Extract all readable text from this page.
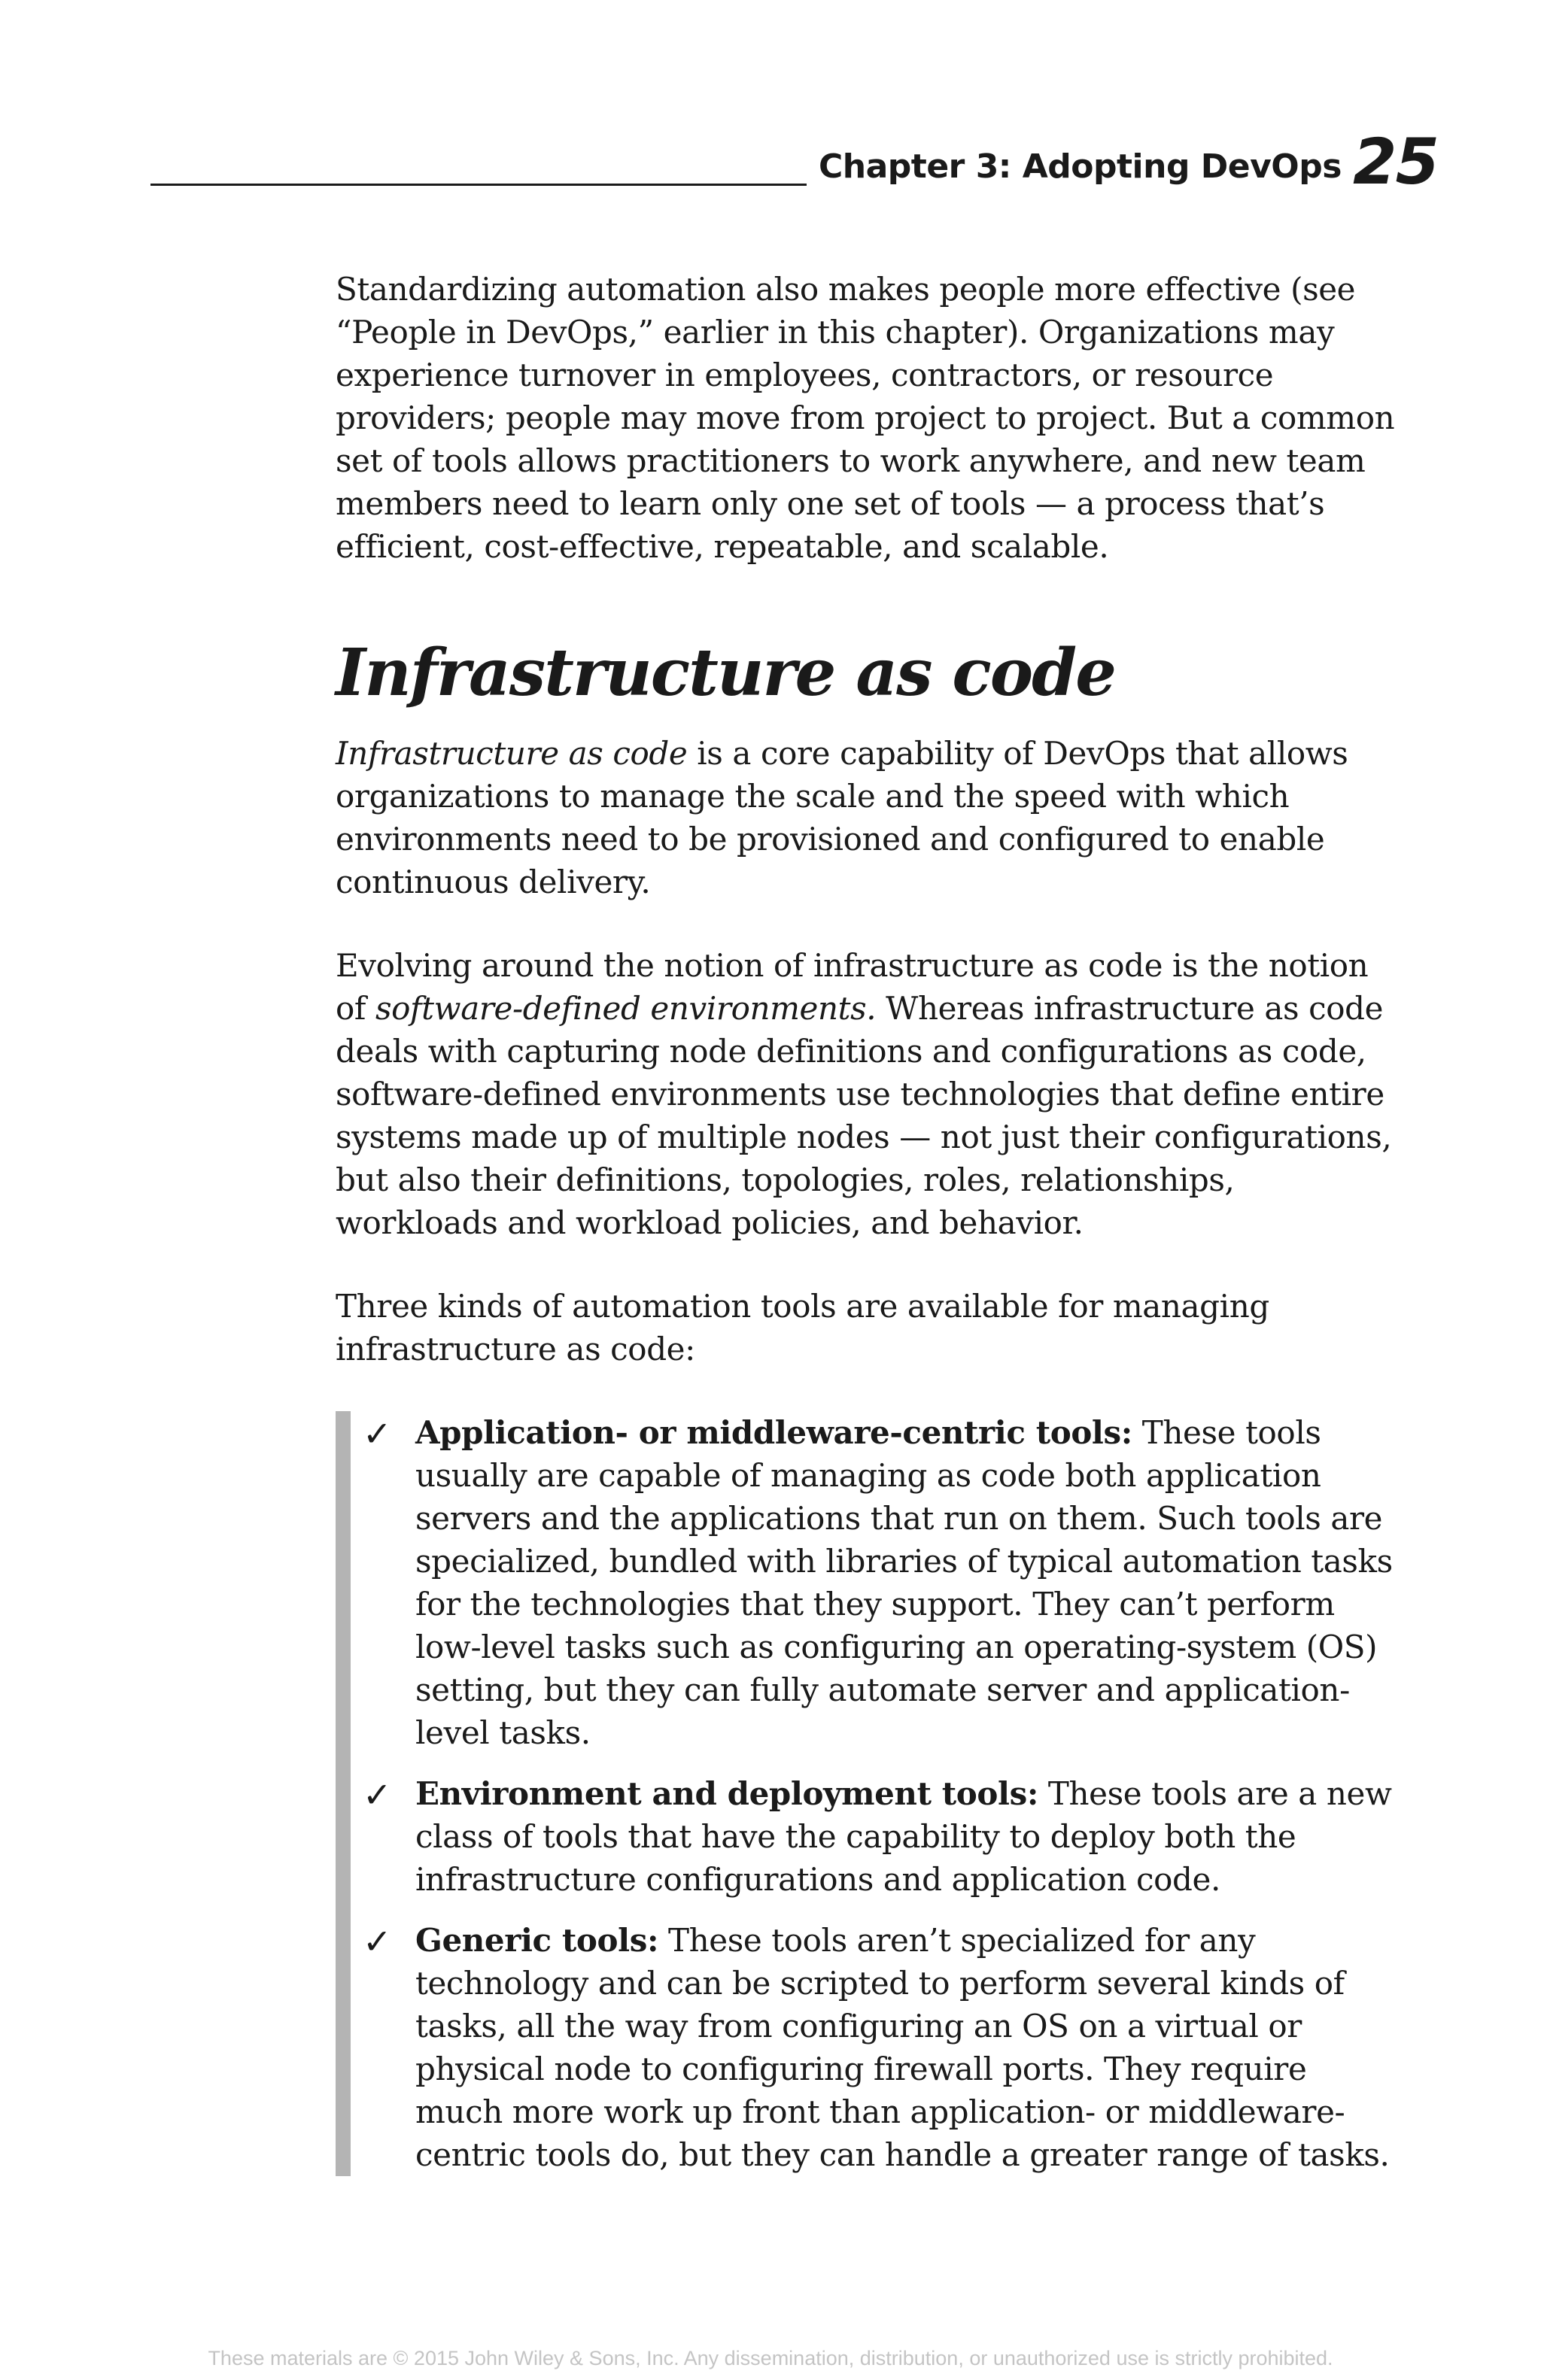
Chapter 3: Adopting DevOps 25

Standardizing automation also makes people more effective (see “People in DevOps,” earlier in this chapter). Organizations may experience turnover in employees, contractors, or resource providers; people may move from project to project. But a common set of tools allows practitioners to work anywhere, and new team members need to learn only one set of tools — a process that’s efficient, cost-effective, repeatable, and scalable.

Infrastructure as code

Infrastructure as code is a core capability of DevOps that allows organizations to manage the scale and the speed with which environments need to be provisioned and configured to enable continuous delivery.

Evolving around the notion of infrastructure as code is the notion of software-defined environments. Whereas infrastructure as code deals with capturing node definitions and configurations as code, software-defined environments use technologies that define entire systems made up of multiple nodes — not just their configurations, but also their definitions, topologies, roles, relationships, workloads and workload policies, and behavior.

Three kinds of automation tools are available for managing infrastructure as code:

✓ Application- or middleware-centric tools: These tools usually are capable of managing as code both application servers and the applications that run on them. Such tools are specialized, bundled with libraries of typical automation tasks for the technologies that they support. They can’t perform low-level tasks such as configuring an operating-system (OS) setting, but they can fully automate server and application-level tasks.
✓ Environment and deployment tools: These tools are a new class of tools that have the capability to deploy both the infrastructure configurations and application code.
✓ Generic tools: These tools aren’t specialized for any technology and can be scripted to perform several kinds of tasks, all the way from configuring an OS on a virtual or physical node to configuring firewall ports. They require much more work up front than application- or middleware-centric tools do, but they can handle a greater range of tasks.
These materials are © 2015 John Wiley & Sons, Inc. Any dissemination, distribution, or unauthorized use is strictly prohibited.
